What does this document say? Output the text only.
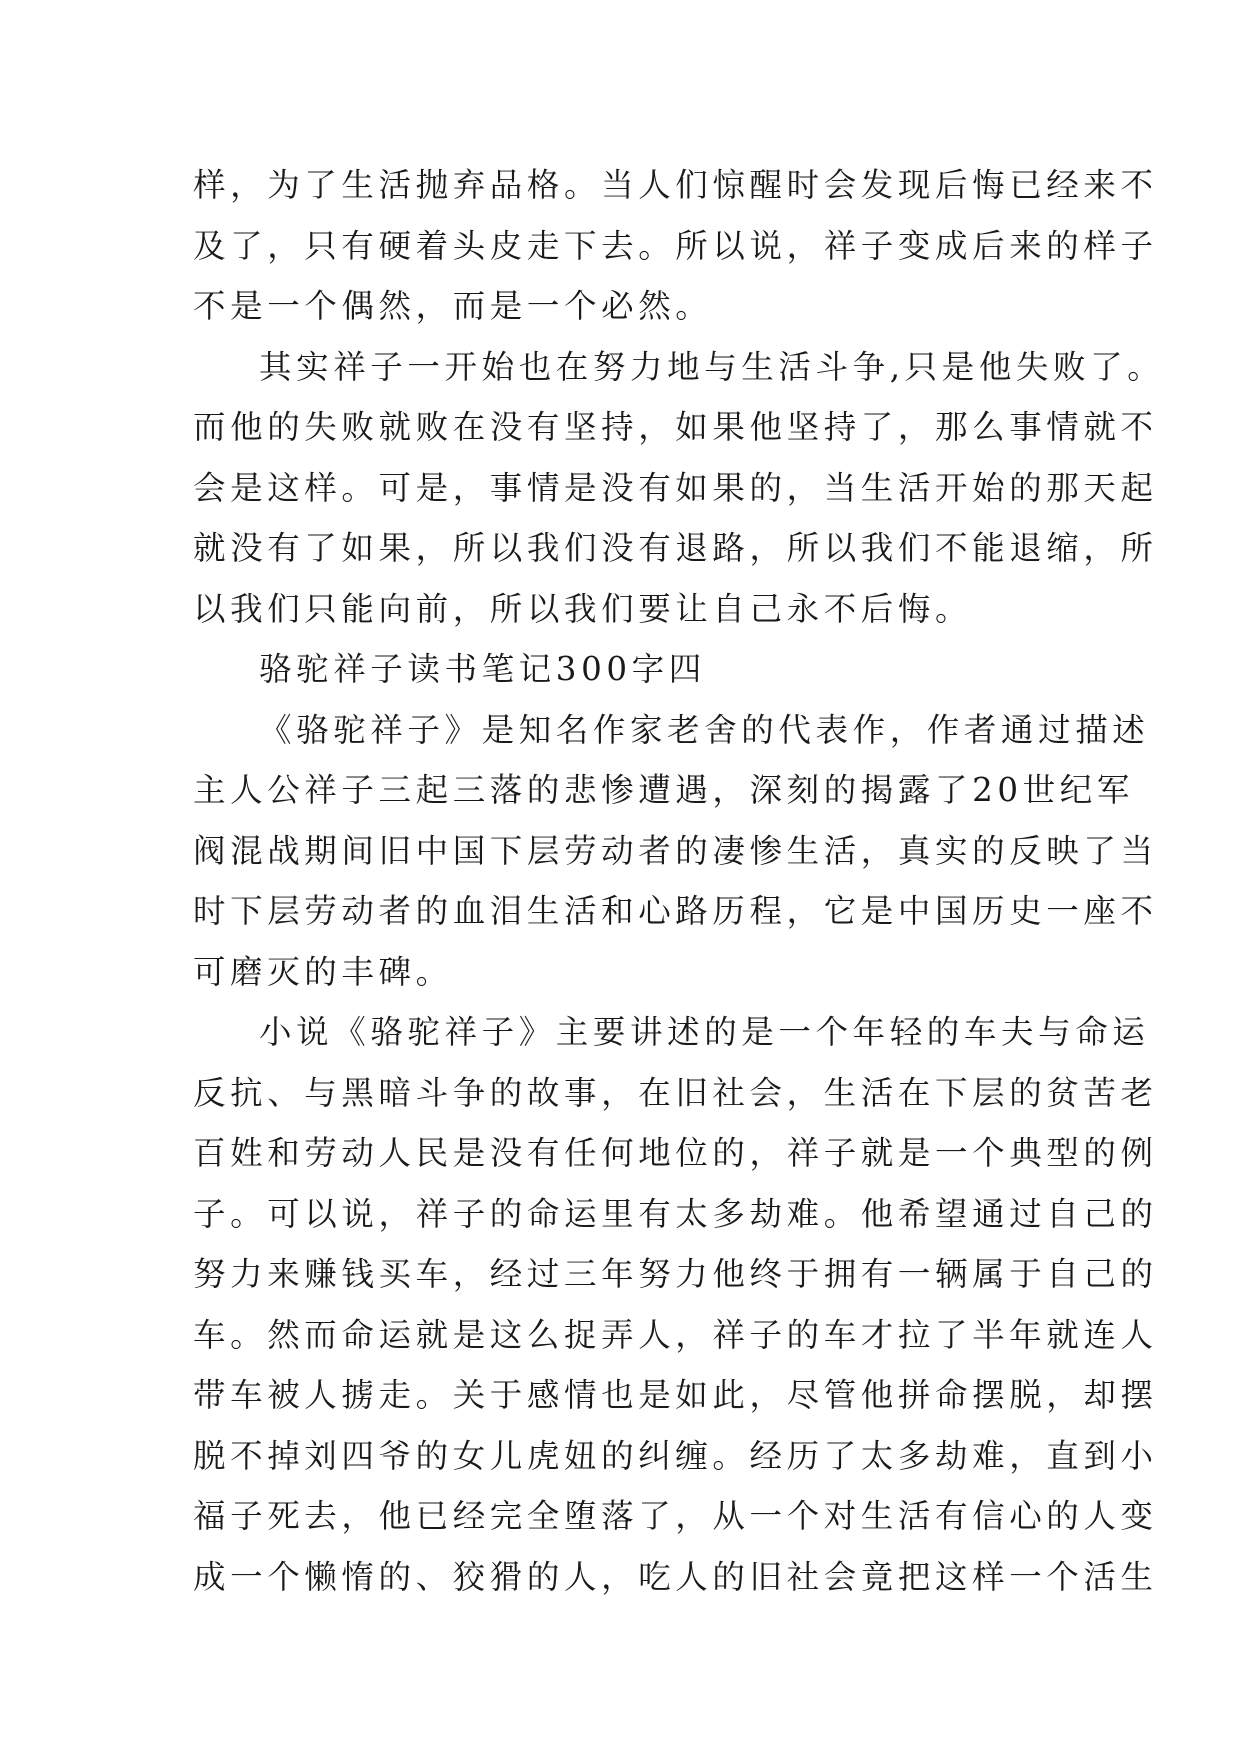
样，为了生活抛弃品格。当人们惊醒时会发现后悔已经来不
及了，只有硬着头皮走下去。所以说，祥子变成后来的样子
不是一个偶然，而是一个必然。
其实祥子一开始也在努力地与生活斗争,只是他失败了。
而他的失败就败在没有坚持，如果他坚持了，那么事情就不
会是这样。可是，事情是没有如果的，当生活开始的那天起
就没有了如果，所以我们没有退路，所以我们不能退缩，所
以我们只能向前，所以我们要让自己永不后悔。
骆驼祥子读书笔记300字四
《骆驼祥子》是知名作家老舍的代表作，作者通过描述
主人公祥子三起三落的悲惨遭遇，深刻的揭露了20世纪军
阀混战期间旧中国下层劳动者的凄惨生活，真实的反映了当
时下层劳动者的血泪生活和心路历程，它是中国历史一座不
可磨灭的丰碑。
小说《骆驼祥子》主要讲述的是一个年轻的车夫与命运
反抗、与黑暗斗争的故事，在旧社会，生活在下层的贫苦老
百姓和劳动人民是没有任何地位的，祥子就是一个典型的例
子。可以说，祥子的命运里有太多劫难。他希望通过自己的
努力来赚钱买车，经过三年努力他终于拥有一辆属于自己的
车。然而命运就是这么捉弄人，祥子的车才拉了半年就连人
带车被人掳走。关于感情也是如此，尽管他拼命摆脱，却摆
脱不掉刘四爷的女儿虎妞的纠缠。经历了太多劫难，直到小
福子死去，他已经完全堕落了，从一个对生活有信心的人变
成一个懒惰的、狡猾的人，吃人的旧社会竟把这样一个活生
